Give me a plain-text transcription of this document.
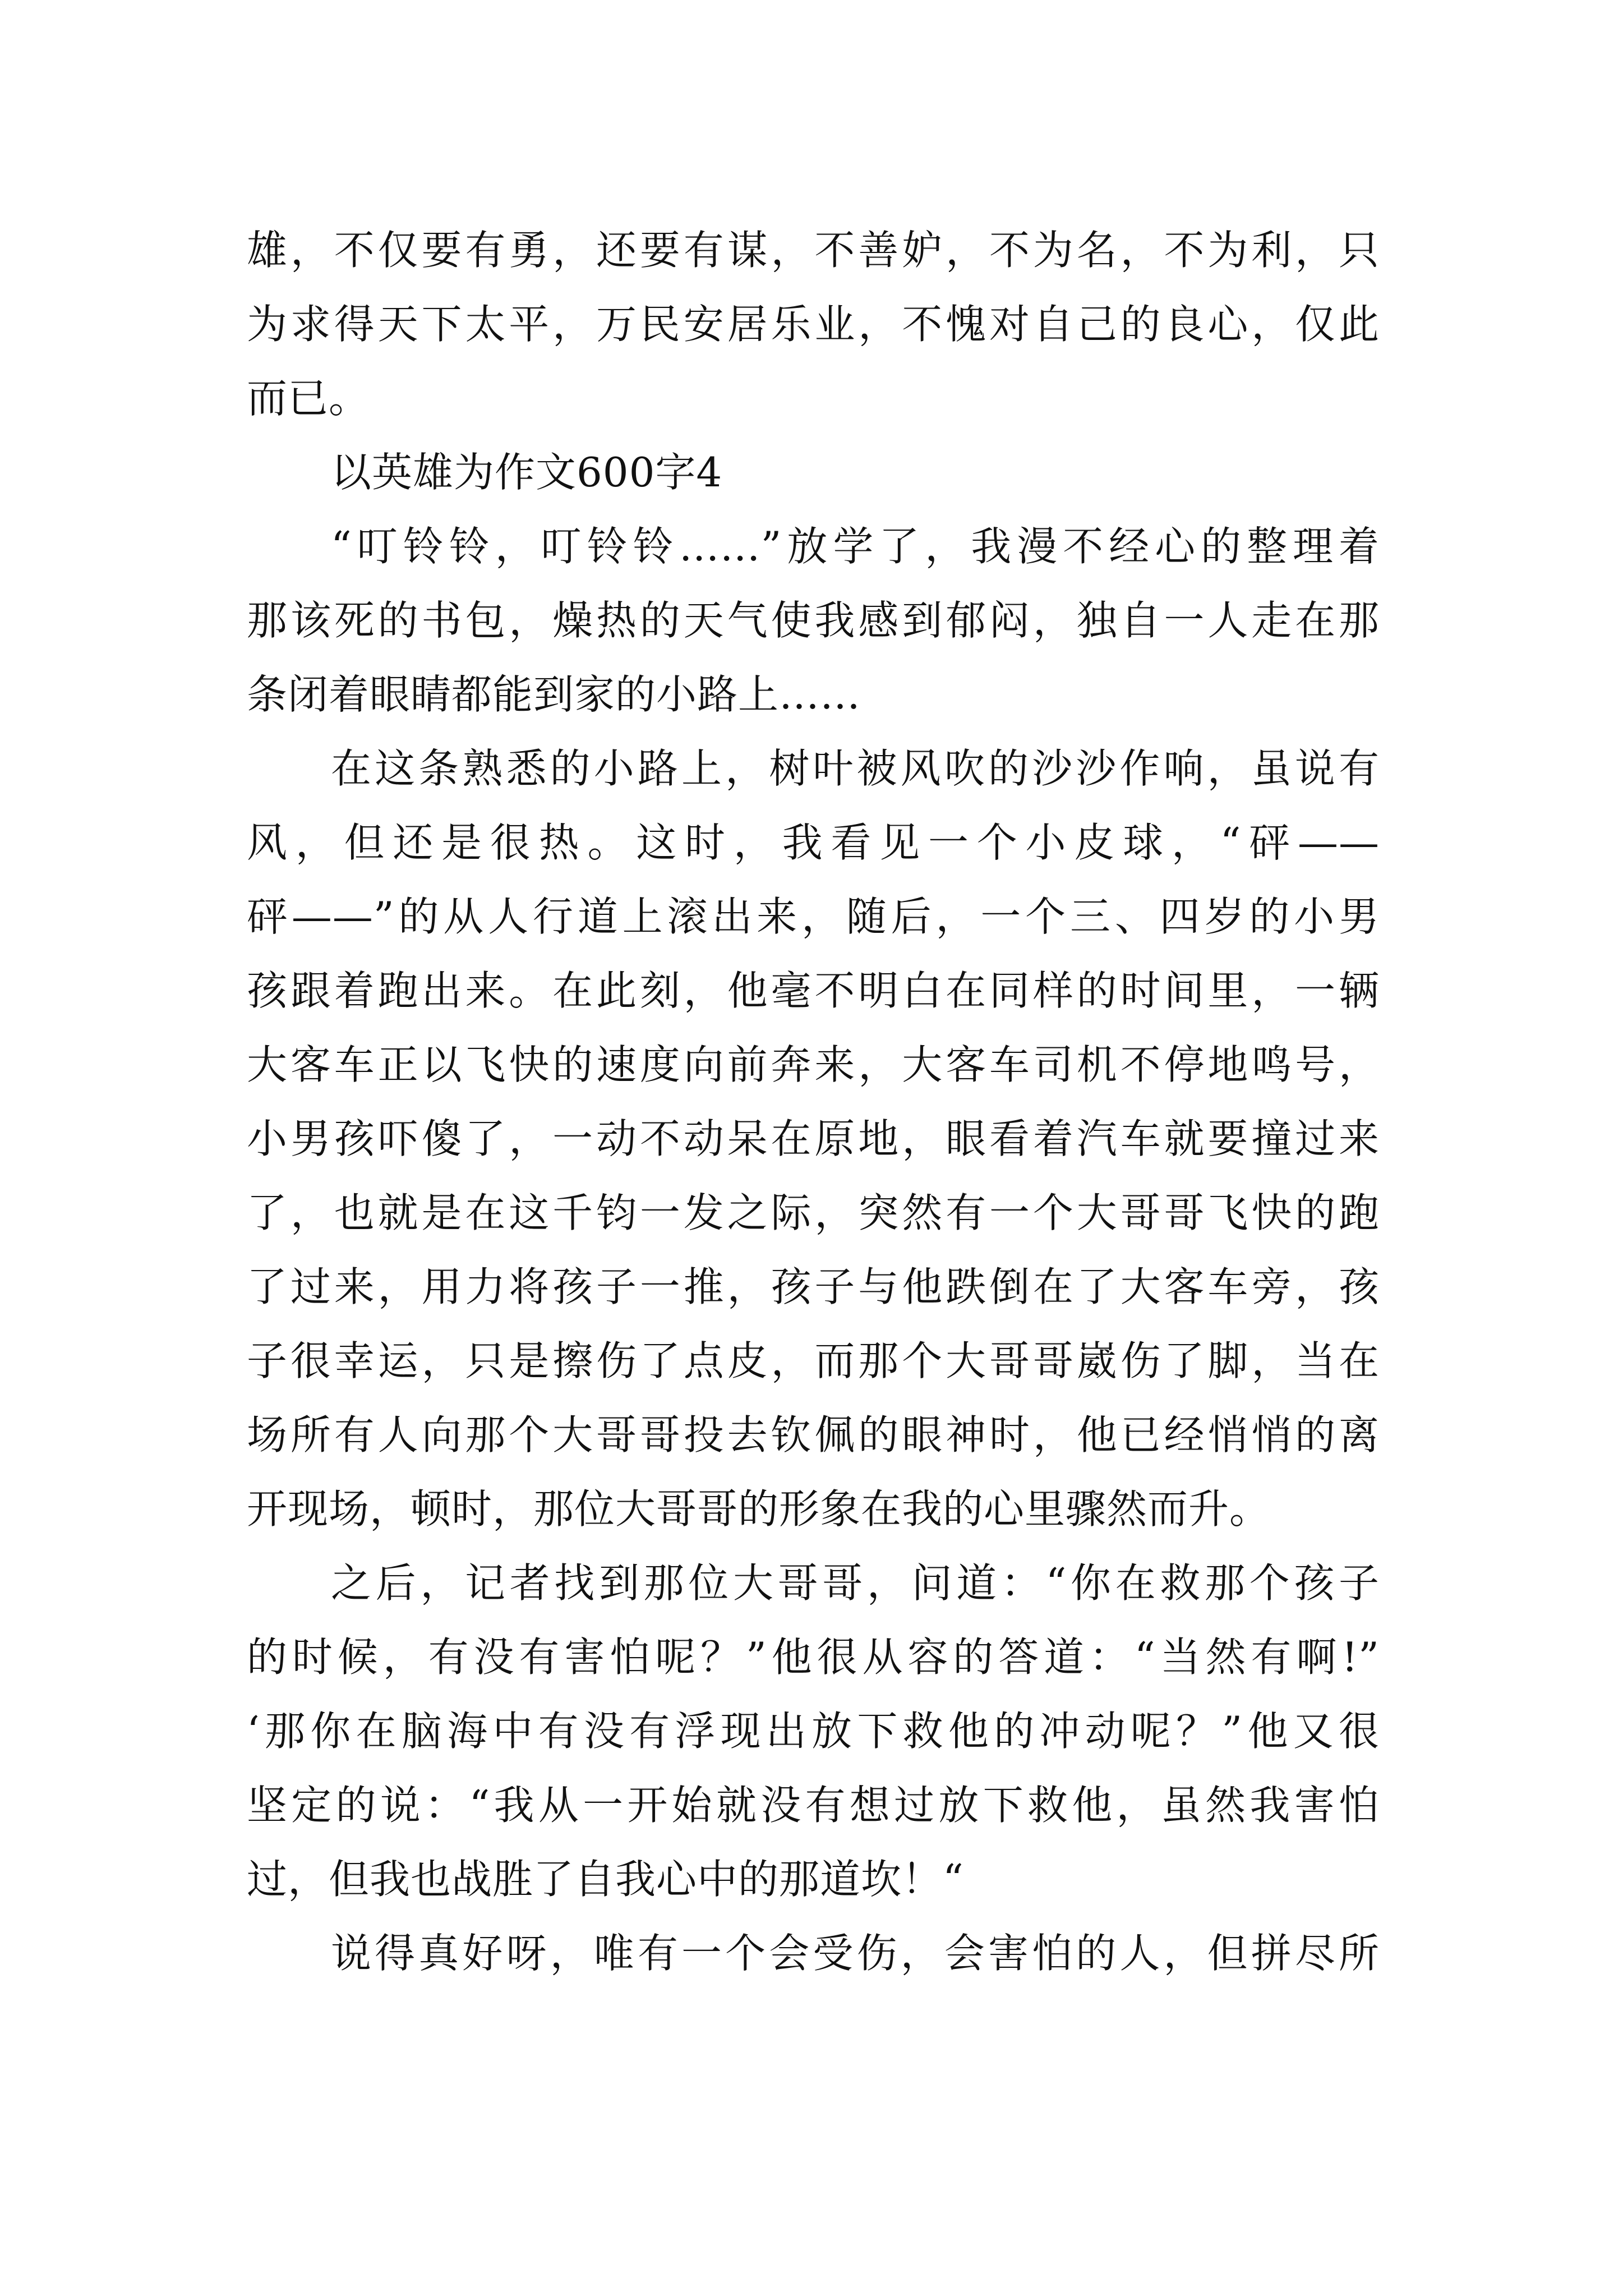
雄，不仅要有勇，还要有谋，不善妒，不为名，不为利，只
为求得天下太平，万民安居乐业，不愧对自己的良心，仅此
而已。
以英雄为作文600字4
“叮铃铃，叮铃铃……”放学了，我漫不经心的整理着
那该死的书包，燥热的天气使我感到郁闷，独自一人走在那
条闭着眼睛都能到家的小路上……
在这条熟悉的小路上，树叶被风吹的沙沙作响，虽说有
风，但还是很热。这时，我看见一个小皮球，“砰——
砰——”的从人行道上滚出来，随后，一个三、四岁的小男
孩跟着跑出来。在此刻，他毫不明白在同样的时间里，一辆
大客车正以飞快的速度向前奔来，大客车司机不停地鸣号，
小男孩吓傻了，一动不动呆在原地，眼看着汽车就要撞过来
了，也就是在这千钧一发之际，突然有一个大哥哥飞快的跑
了过来，用力将孩子一推，孩子与他跌倒在了大客车旁，孩
子很幸运，只是擦伤了点皮，而那个大哥哥崴伤了脚，当在
场所有人向那个大哥哥投去钦佩的眼神时，他已经悄悄的离
开现场，顿时，那位大哥哥的形象在我的心里骤然而升。
之后，记者找到那位大哥哥，问道：“你在救那个孩子
的时候，有没有害怕呢？”他很从容的答道：“当然有啊!”
‘那你在脑海中有没有浮现出放下救他的冲动呢？”他又很
坚定的说：“我从一开始就没有想过放下救他，虽然我害怕
过，但我也战胜了自我心中的那道坎！“
说得真好呀，唯有一个会受伤，会害怕的人，但拼尽所
